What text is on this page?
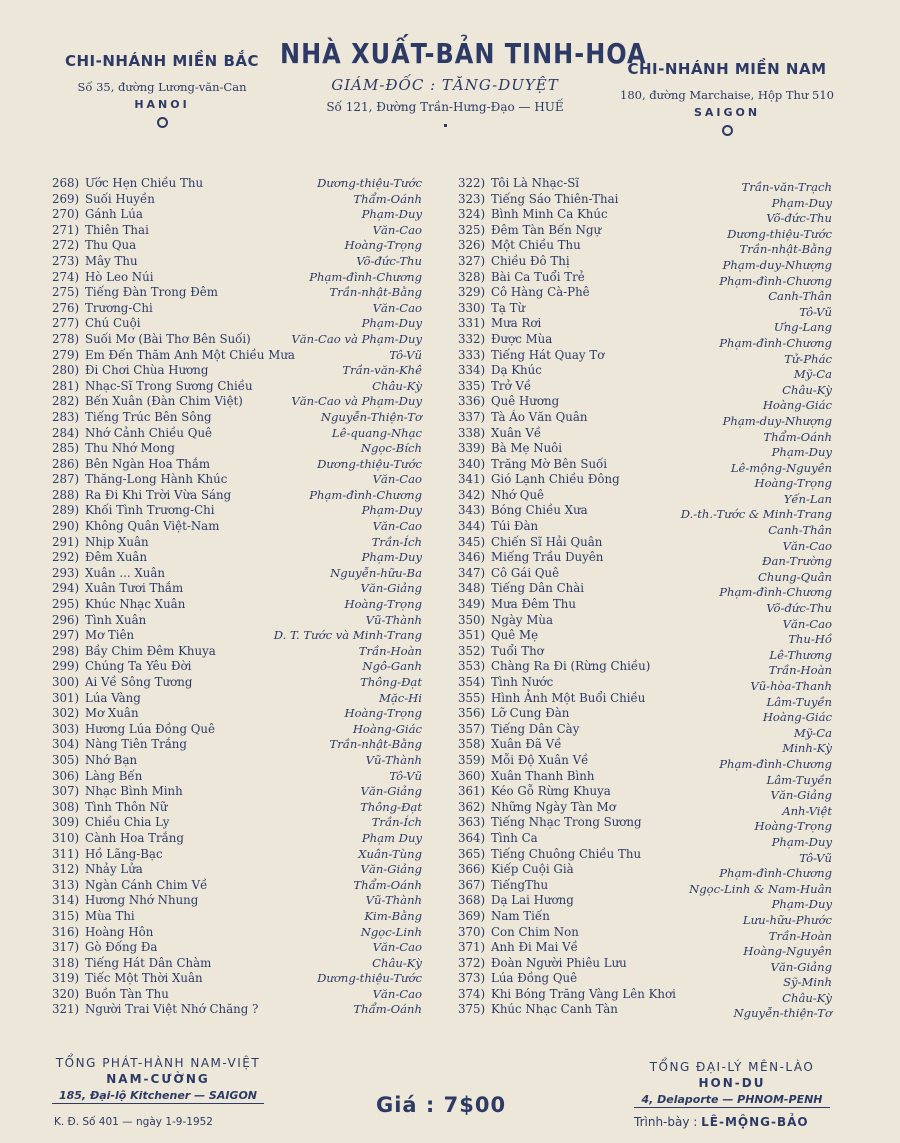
CHI-NHÁNH MIỀN BẮC
Số 35, đường Lương-văn-Can
HANOI
NHÀ XUẤT-BẢN TINH-HOA
GIÁM-ĐỐC : TĂNG-DUYỆT
Số 121, Đường Trần-Hưng-Đạo — HUẾ
CHI-NHÁNH MIỀN NAM
180, đường Marchaise, Hộp Thư 510
SAIGON
268) Ước Hẹn Chiều Thu	Dương-thiệu-Tước
269) Suối Huyền	Thẩm-Oánh
270) Gánh Lúa	Phạm-Duy
271) Thiên Thai	Văn-Cao
272) Thu Qua	Hoàng-Trọng
273) Mây Thu	Võ-đức-Thu
274) Hò Leo Núi	Phạm-đình-Chương
275) Tiếng Đàn Trong Đêm	Trần-nhật-Bằng
276) Trương-Chi	Văn-Cao
277) Chú Cuội	Phạm-Duy
278) Suối Mơ (Bài Thơ Bên Suối)	Văn-Cao và Phạm-Duy
279) Em Đến Thăm Anh Một Chiều Mưa	Tô-Vũ
280) Đi Chơi Chùa Hương	Trần-văn-Khê
281) Nhạc-Sĩ Trong Sương Chiều	Châu-Kỳ
282) Bến Xuân (Đàn Chim Việt)	Văn-Cao và Phạm-Duy
283) Tiếng Trúc Bên Sông	Nguyễn-Thiện-Tơ
284) Nhớ Cảnh Chiều Quê	Lê-quang-Nhạc
285) Thu Nhớ Mong	Ngọc-Bích
286) Bên Ngàn Hoa Thắm	Dương-thiệu-Tước
287) Thăng-Long Hành Khúc	Văn-Cao
288) Ra Đi Khi Trời Vừa Sáng	Phạm-đình-Chương
289) Khối Tình Trương-Chi	Phạm-Duy
290) Không Quân Việt-Nam	Văn-Cao
291) Nhịp Xuân	Trần-Ích
292) Đêm Xuân	Phạm-Duy
293) Xuân ... Xuân	Nguyễn-hữu-Ba
294) Xuân Tươi Thắm	Văn-Giảng
295) Khúc Nhạc Xuân	Hoàng-Trọng
296) Tình Xuân	Vũ-Thành
297) Mơ Tiên	D. T. Tước và Minh-Trang
298) Bầy Chim Đêm Khuya	Trần-Hoàn
299) Chúng Ta Yêu Đời	Ngô-Ganh
300) Ai Về Sông Tương	Thông-Đạt
301) Lúa Vàng	Mặc-Hi
302) Mơ Xuân	Hoàng-Trọng
303) Hương Lúa Đồng Quê	Hoàng-Giác
304) Nàng Tiên Trắng	Trần-nhật-Bằng
305) Nhớ Bạn	Vũ-Thành
306) Làng Bến	Tô-Vũ
307) Nhạc Bình Minh	Văn-Giảng
308) Tình Thôn Nữ	Thông-Đạt
309) Chiều Chia Ly	Trần-Ích
310) Cành Hoa Trắng	Phạm Duy
311) Hồ Lãng-Bạc	Xuân-Tùng
312) Nhảy Lửa	Văn-Giảng
313) Ngàn Cánh Chim Về	Thẩm-Oánh
314) Hương Nhớ Nhung	Vũ-Thành
315) Mùa Thi	Kim-Bằng
316) Hoàng Hôn	Ngọc-Linh
317) Gò Đống Đa	Văn-Cao
318) Tiếng Hát Dân Chàm	Châu-Kỳ
319) Tiếc Một Thời Xuân	Dương-thiệu-Tước
320) Buồn Tàn Thu	Văn-Cao
321) Người Trai Việt Nhớ Chăng ?	Thẩm-Oánh
322) Tôi Là Nhạc-Sĩ	Trần-văn-Trạch
323) Tiếng Sáo Thiên-Thai	Phạm-Duy
324) Bình Minh Ca Khúc	Võ-đức-Thu
325) Đêm Tàn Bến Ngự	Dương-thiệu-Tước
326) Một Chiều Thu	Trần-nhật-Bằng
327) Chiều Đô Thị	Phạm-duy-Nhượng
328) Bài Ca Tuổi Trẻ	Phạm-đình-Chương
329) Cô Hàng Cà-Phê	Canh-Thân
330) Tạ Từ	Tô-Vũ
331) Mưa Rơi	Ưng-Lang
332) Được Mùa	Phạm-đình-Chương
333) Tiếng Hát Quay Tơ	Tử-Phác
334) Dạ Khúc	Mỹ-Ca
335) Trở Về	Châu-Kỳ
336) Quê Hương	Hoàng-Giác
337) Tà Áo Văn Quân	Phạm-duy-Nhượng
338) Xuân Về	Thẩm-Oánh
339) Bà Mẹ Nuôi	Phạm-Duy
340) Trăng Mờ Bên Suối	Lê-mộng-Nguyên
341) Gió Lạnh Chiều Đông	Hoàng-Trọng
342) Nhớ Quê	Yến-Lan
343) Bóng Chiều Xưa	D.-th.-Tước & Minh-Trang
344) Túi Đàn	Canh-Thân
345) Chiến Sĩ Hải Quân	Văn-Cao
346) Miếng Trầu Duyên	Đan-Trường
347) Cô Gái Quê	Chung-Quân
348) Tiếng Dân Chài	Phạm-đình-Chương
349) Mưa Đêm Thu	Võ-đức-Thu
350) Ngày Mùa	Văn-Cao
351) Quê Mẹ	Thu-Hồ
352) Tuổi Thơ	Lê-Thương
353) Chàng Ra Đi (Rừng Chiều)	Trần-Hoàn
354) Tình Nước	Vũ-hòa-Thanh
355) Hình Ảnh Một Buổi Chiều	Lâm-Tuyền
356) Lỡ Cung Đàn	Hoàng-Giác
357) Tiếng Dân Cày	Mỹ-Ca
358) Xuân Đã Về	Minh-Kỳ
359) Mỗi Độ Xuân Về	Phạm-đình-Chương
360) Xuân Thanh Bình	Lâm-Tuyền
361) Kéo Gỗ Rừng Khuya	Văn-Giảng
362) Những Ngày Tàn Mơ	Anh-Việt
363) Tiếng Nhạc Trong Sương	Hoàng-Trọng
364) Tình Ca	Phạm-Duy
365) Tiếng Chuông Chiều Thu	Tô-Vũ
366) Kiếp Cuội Già	Phạm-đình-Chương
367) TiếngThu	Ngọc-Linh & Nam-Huân
368) Dạ Lai Hương	Phạm-Duy
369) Nam Tiến	Lưu-hữu-Phước
370) Con Chim Non	Trần-Hoàn
371) Anh Đi Mai Về	Hoàng-Nguyên
372) Đoàn Người Phiêu Lưu	Văn-Giảng
373) Lúa Đồng Quê	Sỹ-Minh
374) Khi Bóng Trăng Vàng Lên Khơi	Châu-Kỳ
375) Khúc Nhạc Canh Tàn	Nguyễn-thiện-Tơ
TỔNG PHÁT-HÀNH NAM-VIỆT
NAM-CƯỜNG
185, Đại-lộ Kitchener — SAIGON
K. Đ. Số 401 — ngày 1-9-1952
Giá : 7$00
TỔNG ĐẠI-LÝ MÊN-LÀO
HON-DU
4, Delaporte — PHNOM-PENH
Trình-bày : LÊ-MỘNG-BẢO
